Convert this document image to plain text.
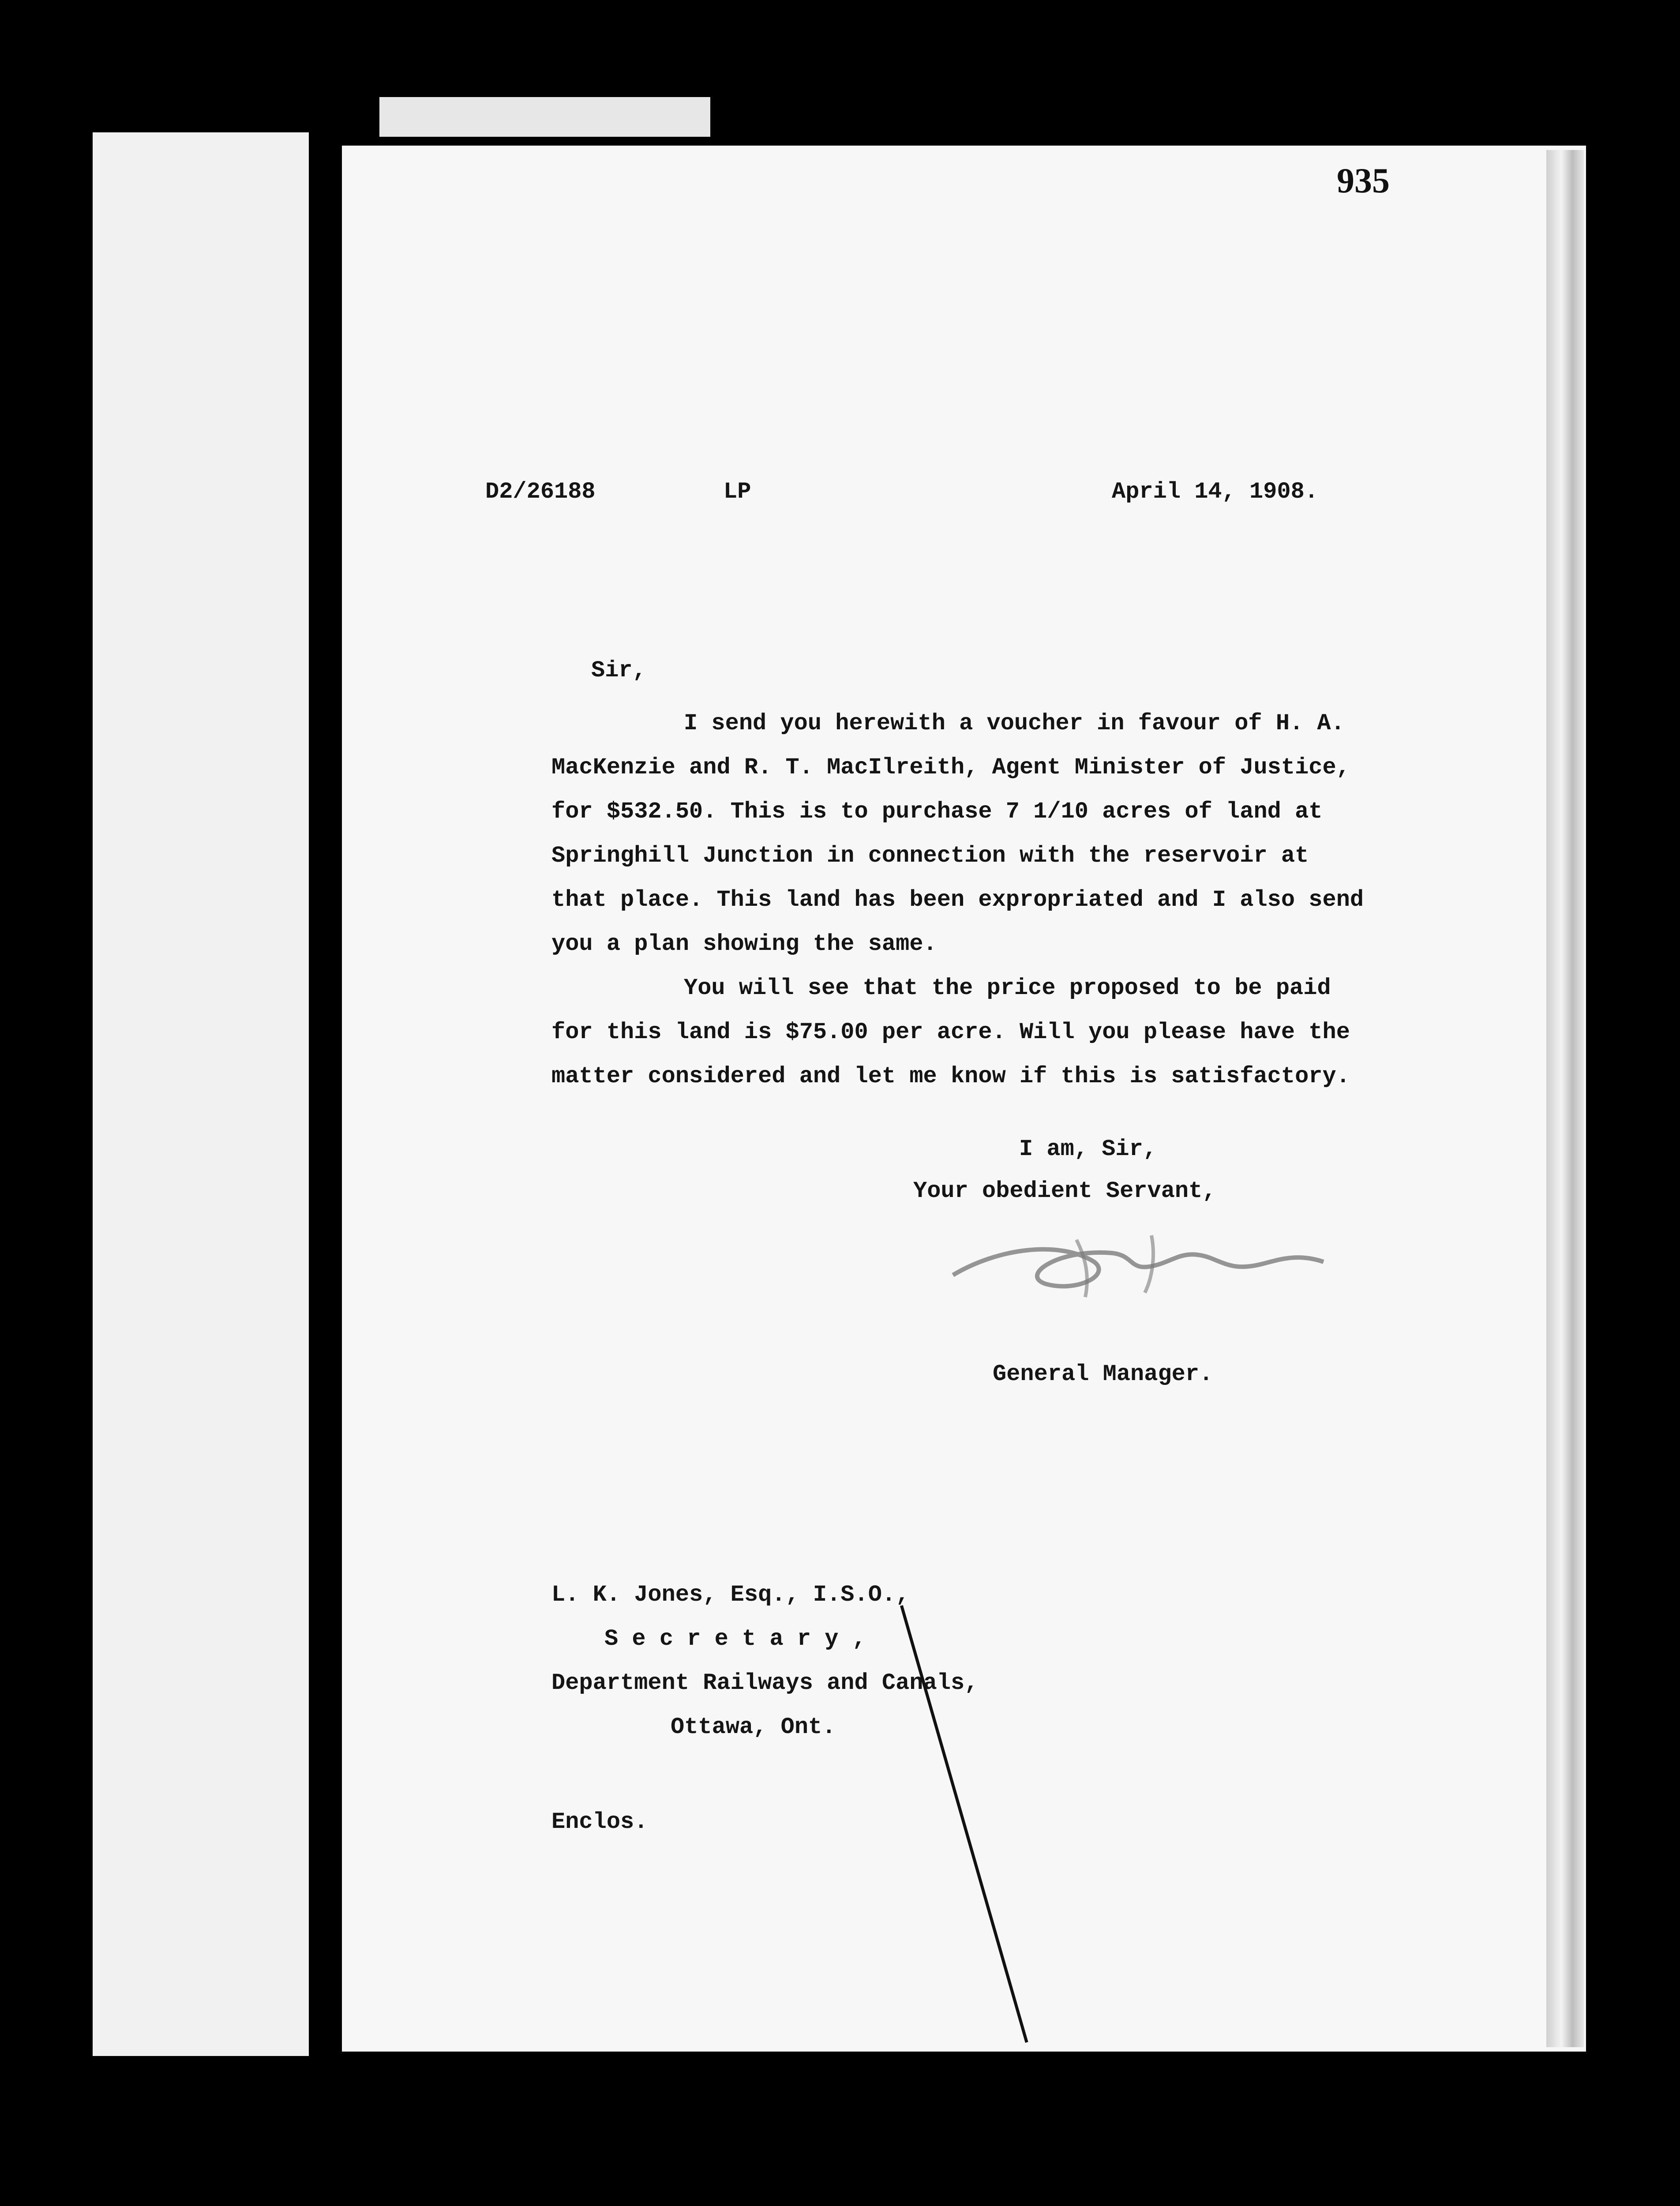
935
D2/26188	LP	April 14, 1908.
Sir,

I send you herewith a voucher in favour of H. A. MacKenzie and R. T. MacIlreith, Agent Minister of Justice, for $532.50. This is to purchase 7 1/10 acres of land at Springhill Junction in connection with the reservoir at that place. This land has been expropriated and I also send you a plan showing the same.

You will see that the price proposed to be paid for this land is $75.00 per acre. Will you please have the matter considered and let me know if this is satisfactory.

I am, Sir,
Your obedient Servant,
General Manager.
L. K. Jones, Esq., I.S.O.,
S e c r e t a r y ,
Department Railways and Canals,
Ottawa, Ont.
Enclos.
